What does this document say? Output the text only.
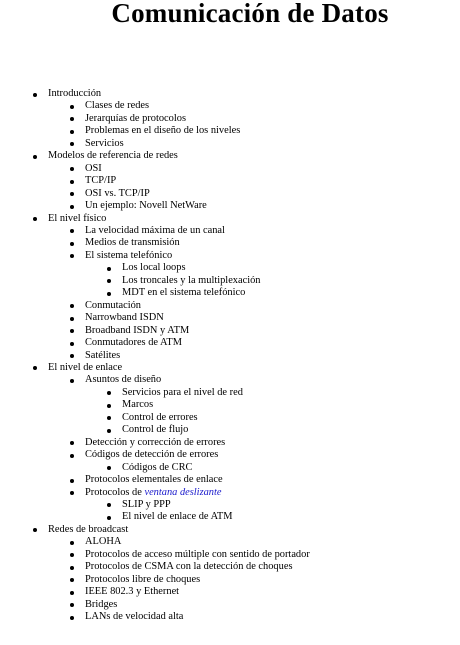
Comunicación de Datos
Introducción
Clases de redes
Jerarquías de protocolos
Problemas en el diseño de los niveles
Servicios
Modelos de referencia de redes
OSI
TCP/IP
OSI vs. TCP/IP
Un ejemplo: Novell NetWare
El nivel físico
La velocidad máxima de un canal
Medios de transmisión
El sistema telefónico
Los local loops
Los troncales y la multiplexación
MDT en el sistema telefónico
Conmutación
Narrowband ISDN
Broadband ISDN y ATM
Conmutadores de ATM
Satélites
El nivel de enlace
Asuntos de diseño
Servicios para el nivel de red
Marcos
Control de errores
Control de flujo
Detección y corrección de errores
Códigos de detección de errores
Códigos de CRC
Protocolos elementales de enlace
Protocolos de ventana deslizante
SLIP y PPP
El nivel de enlace de ATM
Redes de broadcast
ALOHA
Protocolos de acceso múltiple con sentido de portador
Protocolos de CSMA con la detección de choques
Protocolos libre de choques
IEEE 802.3 y Ethernet
Bridges
LANs de velocidad alta
